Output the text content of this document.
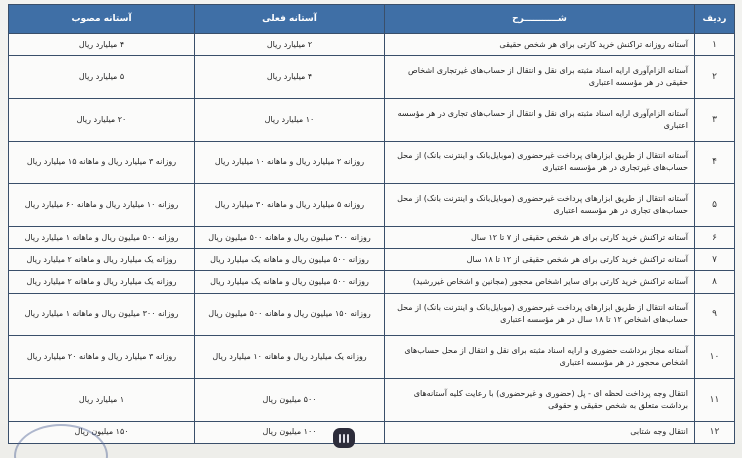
ردیف	شـــــــــــرح	آستانه فعلی	آستانه مصوب
۱	آستانه روزانه تراکنش خرید کارتی برای هر شخص حقیقی	۲ میلیارد ریال	۴ میلیارد ریال
۲	آستانه الزام‌آوری ارایه اسناد مثبته برای نقل و انتقال از حساب‌های غیرتجاری اشخاص حقیقی در هر مؤسسه اعتباری	۴ میلیارد ریال	۵ میلیارد ریال
۳	آستانه الزام‌آوری ارایه اسناد مثبته برای نقل و انتقال از حساب‌های تجاری در هر مؤسسه اعتباری	۱۰ میلیارد ریال	۲۰ میلیارد ریال
۴	آستانه انتقال از طریق ابزارهای پرداخت غیرحضوری (موبایل‌بانک و اینترنت بانک) از محل حساب‌های غیرتجاری در هر مؤسسه اعتباری	روزانه ۲ میلیارد ریال و ماهانه ۱۰ میلیارد ریال	روزانه ۳ میلیارد ریال و ماهانه ۱۵ میلیارد ریال
۵	آستانه انتقال از طریق ابزارهای پرداخت غیرحضوری (موبایل‌بانک و اینترنت بانک) از محل حساب‌های تجاری در هر مؤسسه اعتباری	روزانه ۵ میلیارد ریال و ماهانه ۳۰ میلیارد ریال	روزانه ۱۰ میلیارد ریال و ماهانه ۶۰ میلیارد ریال
۶	آستانه تراکنش خرید کارتی برای هر شخص حقیقی از ۷ تا ۱۲ سال	روزانه ۳۰۰ میلیون ریال و ماهانه ۵۰۰ میلیون ریال	روزانه ۵۰۰ میلیون ریال و ماهانه ۱ میلیارد ریال
۷	آستانه تراکنش خرید کارتی برای هر شخص حقیقی از ۱۲ تا ۱۸ سال	روزانه ۵۰۰ میلیون ریال و ماهانه یک میلیارد ریال	روزانه یک میلیارد ریال و ماهانه ۲ میلیارد ریال
۸	آستانه تراکنش خرید کارتی برای سایر اشخاص محجور (مجانین و اشخاص غیررشید)	روزانه ۵۰۰ میلیون ریال و ماهانه یک میلیارد ریال	روزانه یک میلیارد ریال و ماهانه ۲ میلیارد ریال
۹	آستانه انتقال از طریق ابزارهای پرداخت غیرحضوری (موبایل‌بانک و اینترنت بانک) از محل حساب‌های اشخاص ۱۲ تا ۱۸ سال در هر مؤسسه اعتباری	روزانه ۱۵۰ میلیون ریال و ماهانه ۵۰۰ میلیون ریال	روزانه ۳۰۰ میلیون ریال و ماهانه ۱ میلیارد ریال
۱۰	آستانه مجاز برداشت حضوری و ارایه اسناد مثبته برای نقل و انتقال از محل حساب‌های اشخاص محجور در هر مؤسسه اعتباری	روزانه یک میلیارد ریال و ماهانه ۱۰ میلیارد ریال	روزانه ۳ میلیارد ریال و ماهانه ۲۰ میلیارد ریال
۱۱	انتقال وجه پرداخت لحظه ای - پل (حضوری و غیرحضوری) با رعایت کلیه آستانه‌های برداشت متعلق به شخص حقیقی و حقوقی	۵۰۰ میلیون ریال	۱ میلیارد ریال
۱۲	انتقال وجه شتابی	۱۰۰ میلیون ریال	۱۵۰ میلیون ریال
